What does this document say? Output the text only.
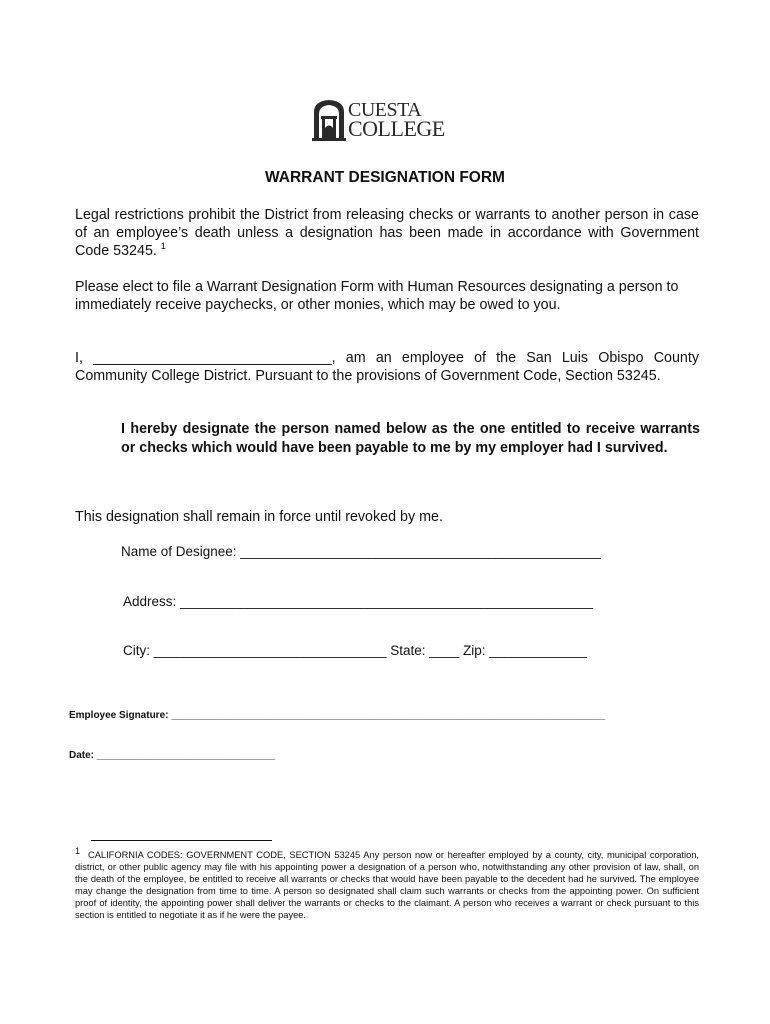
CUESTA
COLLEGE
WARRANT DESIGNATION FORM
Legal restrictions prohibit the District from releasing checks or warrants to another person in case of an employee’s death unless a designation has been made in accordance with Government Code 53245. $^1$
Please elect to file a Warrant Designation Form with Human Resources designating a person to immediately receive paychecks, or other monies, which may be owed to you.
I, ______________________________, am an employee of the San Luis Obispo County Community College District. Pursuant to the provisions of Government Code, Section 53245.
I hereby designate the person named below as the one entitled to receive warrants or checks which would have been payable to me by my employer had I survived.
This designation shall remain in force until revoked by me.
Name of Designee: ________________________________________________
Address: _______________________________________________________
City: _______________________________ State: ____ Zip: _____________
Employee Signature: ______________________________________________________________________________
Date: ________________________________
1 CALIFORNIA CODES: GOVERNMENT CODE, SECTION 53245 Any person now or hereafter employed by a county, city, municipal corporation, district, or other public agency may file with his appointing power a designation of a person who, notwithstanding any other provision of law, shall, on the death of the employee, be entitled to receive all warrants or checks that would have been payable to the decedent had he survived. The employee may change the designation from time to time. A person so designated shall claim such warrants or checks from the appointing power. On sufficient proof of identity, the appointing power shall deliver the warrants or checks to the claimant. A person who receives a warrant or check pursuant to this section is entitled to negotiate it as if he were the payee.
